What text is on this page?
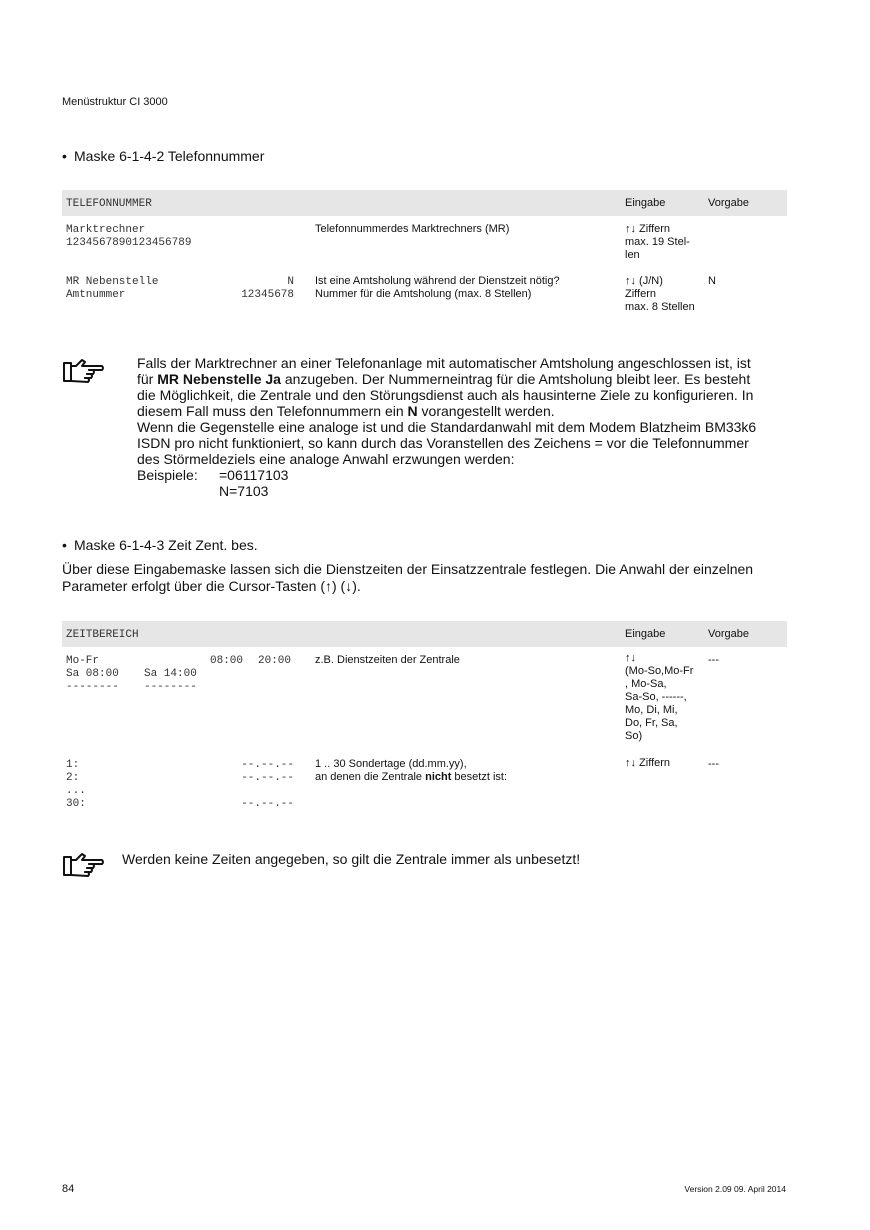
Menüstruktur CI 3000
• Maske 6-1-4-2 Telefonnummer
TELEFONNUMMER	Eingabe	Vorgabe
Marktrechner
1234567890123456789
Telefonnummerdes Marktrechners (MR)	↑↓ Ziffern
max. 19 Stel-
len
MR Nebenstelle	N
Amtnummer	12345678
Ist eine Amtsholung während der Dienstzeit nötig?
Nummer für die Amtsholung (max. 8 Stellen)
↑↓ (J/N)
Ziffern
max. 8 Stellen
N
Falls der Marktrechner an einer Telefonanlage mit automatischer Amtsholung angeschlossen ist, ist
für MR Nebenstelle Ja anzugeben. Der Nummerneintrag für die Amtsholung bleibt leer. Es besteht
die Möglichkeit, die Zentrale und den Störungsdienst auch als hausinterne Ziele zu konfigurieren. In
diesem Fall muss den Telefonnummern ein N vorangestellt werden.
Wenn die Gegenstelle eine analoge ist und die Standardanwahl mit dem Modem Blatzheim BM33k6
ISDN pro nicht funktioniert, so kann durch das Voranstellen des Zeichens = vor die Telefonnummer
des Störmeldeziels eine analoge Anwahl erzwungen werden:
Beispiele: =06117103
N=7103
• Maske 6-1-4-3 Zeit Zent. bes.
Über diese Eingabemaske lassen sich die Dienstzeiten der Einsatzzentrale festlegen. Die Anwahl der einzelnen
Parameter erfolgt über die Cursor-Tasten (↑) (↓).
ZEITBEREICH	Eingabe	Vorgabe
Mo-Fr	08:00 20:00
Sa 08:00 Sa 14:00
-------- --------
z.B. Dienstzeiten der Zentrale	↑↓
(Mo-So,Mo-Fr
, Mo-Sa,
Sa-So, ------,
Mo, Di, Mi,
Do, Fr, Sa,
So)
---
1:
2:
...
30:
--.--.--
--.--.--
--.--.--
1 .. 30 Sondertage (dd.mm.yy),
an denen die Zentrale nicht besetzt ist:
↑↓ Ziffern	---
Werden keine Zeiten angegeben, so gilt die Zentrale immer als unbesetzt!
84	Version 2.09 09. April 2014
